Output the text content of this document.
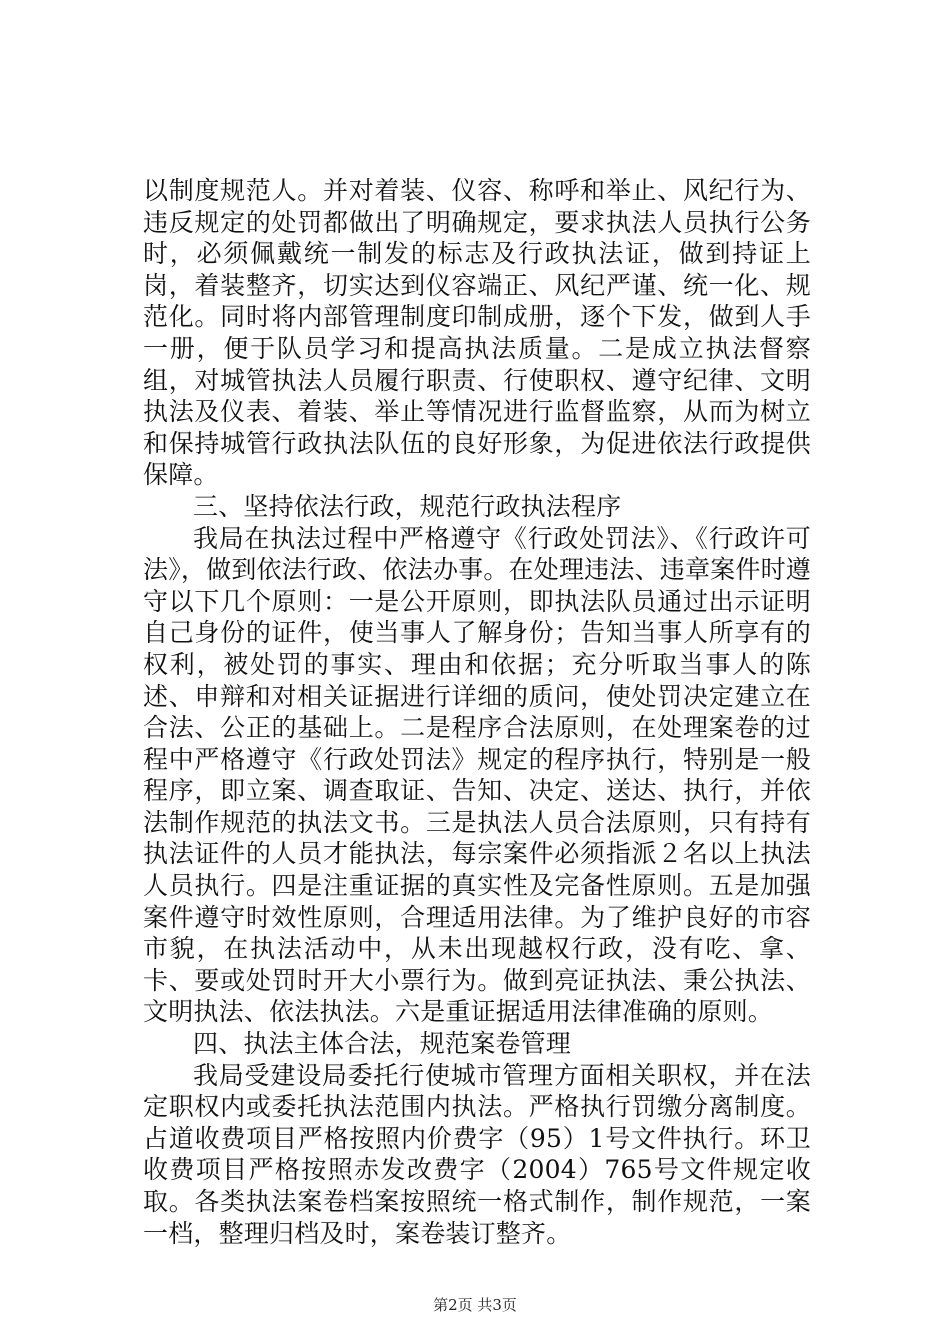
以制度规范人。并对着装、仪容、称呼和举止、风纪行为、违反规定的处罚都做出了明确规定，要求执法人员执行公务时，必须佩戴统一制发的标志及行政执法证，做到持证上岗，着装整齐，切实达到仪容端正、风纪严谨、统一化、规范化。同时将内部管理制度印制成册，逐个下发，做到人手一册，便于队员学习和提高执法质量。二是成立执法督察组，对城管执法人员履行职责、行使职权、遵守纪律、文明执法及仪表、着装、举止等情况进行监督监察，从而为树立和保持城管行政执法队伍的良好形象，为促进依法行政提供保障。

三、坚持依法行政，规范行政执法程序

我局在执法过程中严格遵守《行政处罚法》、《行政许可法》，做到依法行政、依法办事。在处理违法、违章案件时遵守以下几个原则：一是公开原则，即执法队员通过出示证明自己身份的证件，使当事人了解身份；告知当事人所享有的权利，被处罚的事实、理由和依据；充分听取当事人的陈述、申辩和对相关证据进行详细的质问，使处罚决定建立在合法、公正的基础上。二是程序合法原则，在处理案卷的过程中严格遵守《行政处罚法》规定的程序执行，特别是一般程序，即立案、调查取证、告知、决定、送达、执行，并依法制作规范的执法文书。三是执法人员合法原则，只有持有执法证件的人员才能执法，每宗案件必须指派２名以上执法人员执行。四是注重证据的真实性及完备性原则。五是加强案件遵守时效性原则，合理适用法律。为了维护良好的市容市貌，在执法活动中，从未出现越权行政，没有吃、拿、卡、要或处罚时开大小票行为。做到亮证执法、秉公执法、文明执法、依法执法。六是重证据适用法律准确的原则。

四、执法主体合法，规范案卷管理

我局受建设局委托行使城市管理方面相关职权，并在法定职权内或委托执法范围内执法。严格执行罚缴分离制度。占道收费项目严格按照内价费字（95）1号文件执行。环卫收费项目严格按照赤发改费字（2004）765号文件规定收取。各类执法案卷档案按照统一格式制作，制作规范，一案一档，整理归档及时，案卷装订整齐。

第2页 共3页
